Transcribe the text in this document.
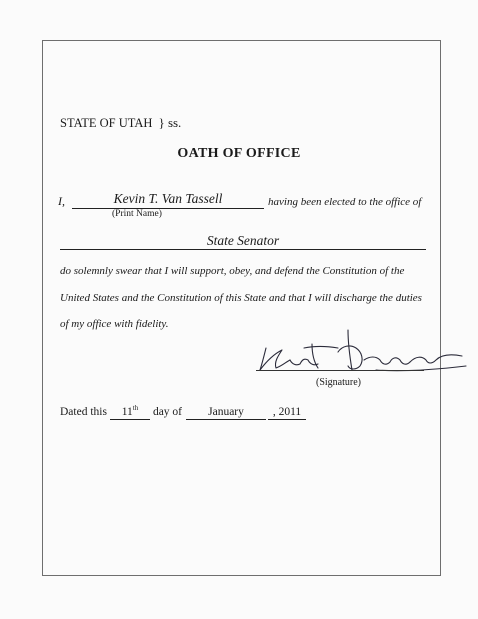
STATE OF UTAH } ss.
OATH OF OFFICE
I,	Kevin T. Van Tassell	having been elected to the office of
(Print Name)
State Senator
do solemnly swear that I will support, obey, and defend the Constitution of the
United States and the Constitution of this State and that I will discharge the duties
of my office with fidelity.
(Signature)
Dated this 11th day of January	, 2011
